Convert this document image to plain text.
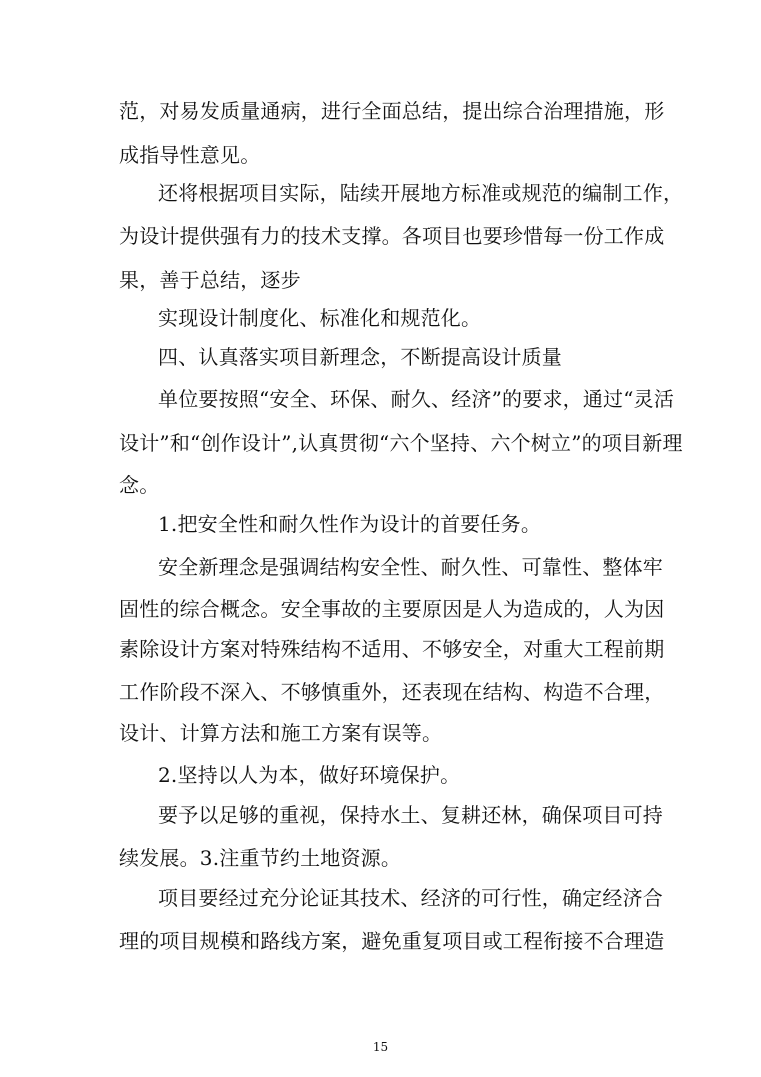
范，对易发质量通病，进行全面总结，提出综合治理措施，形
成指导性意见。
还将根据项目实际，陆续开展地方标准或规范的编制工作，
为设计提供强有力的技术支撑。各项目也要珍惜每一份工作成
果，善于总结，逐步
实现设计制度化、标准化和规范化。
四、认真落实项目新理念，不断提高设计质量
单位要按照“安全、环保、耐久、经济”的要求，通过“灵活
设计”和“创作设计”,认真贯彻“六个坚持、六个树立”的项目新理
念。
1.把安全性和耐久性作为设计的首要任务。
安全新理念是强调结构安全性、耐久性、可靠性、整体牢
固性的综合概念。安全事故的主要原因是人为造成的，人为因
素除设计方案对特殊结构不适用、不够安全，对重大工程前期
工作阶段不深入、不够慎重外，还表现在结构、构造不合理，
设计、计算方法和施工方案有误等。
2.坚持以人为本，做好环境保护。
要予以足够的重视，保持水土、复耕还林，确保项目可持
续发展。3.注重节约土地资源。
项目要经过充分论证其技术、经济的可行性，确定经济合
理的项目规模和路线方案，避免重复项目或工程衔接不合理造
15
